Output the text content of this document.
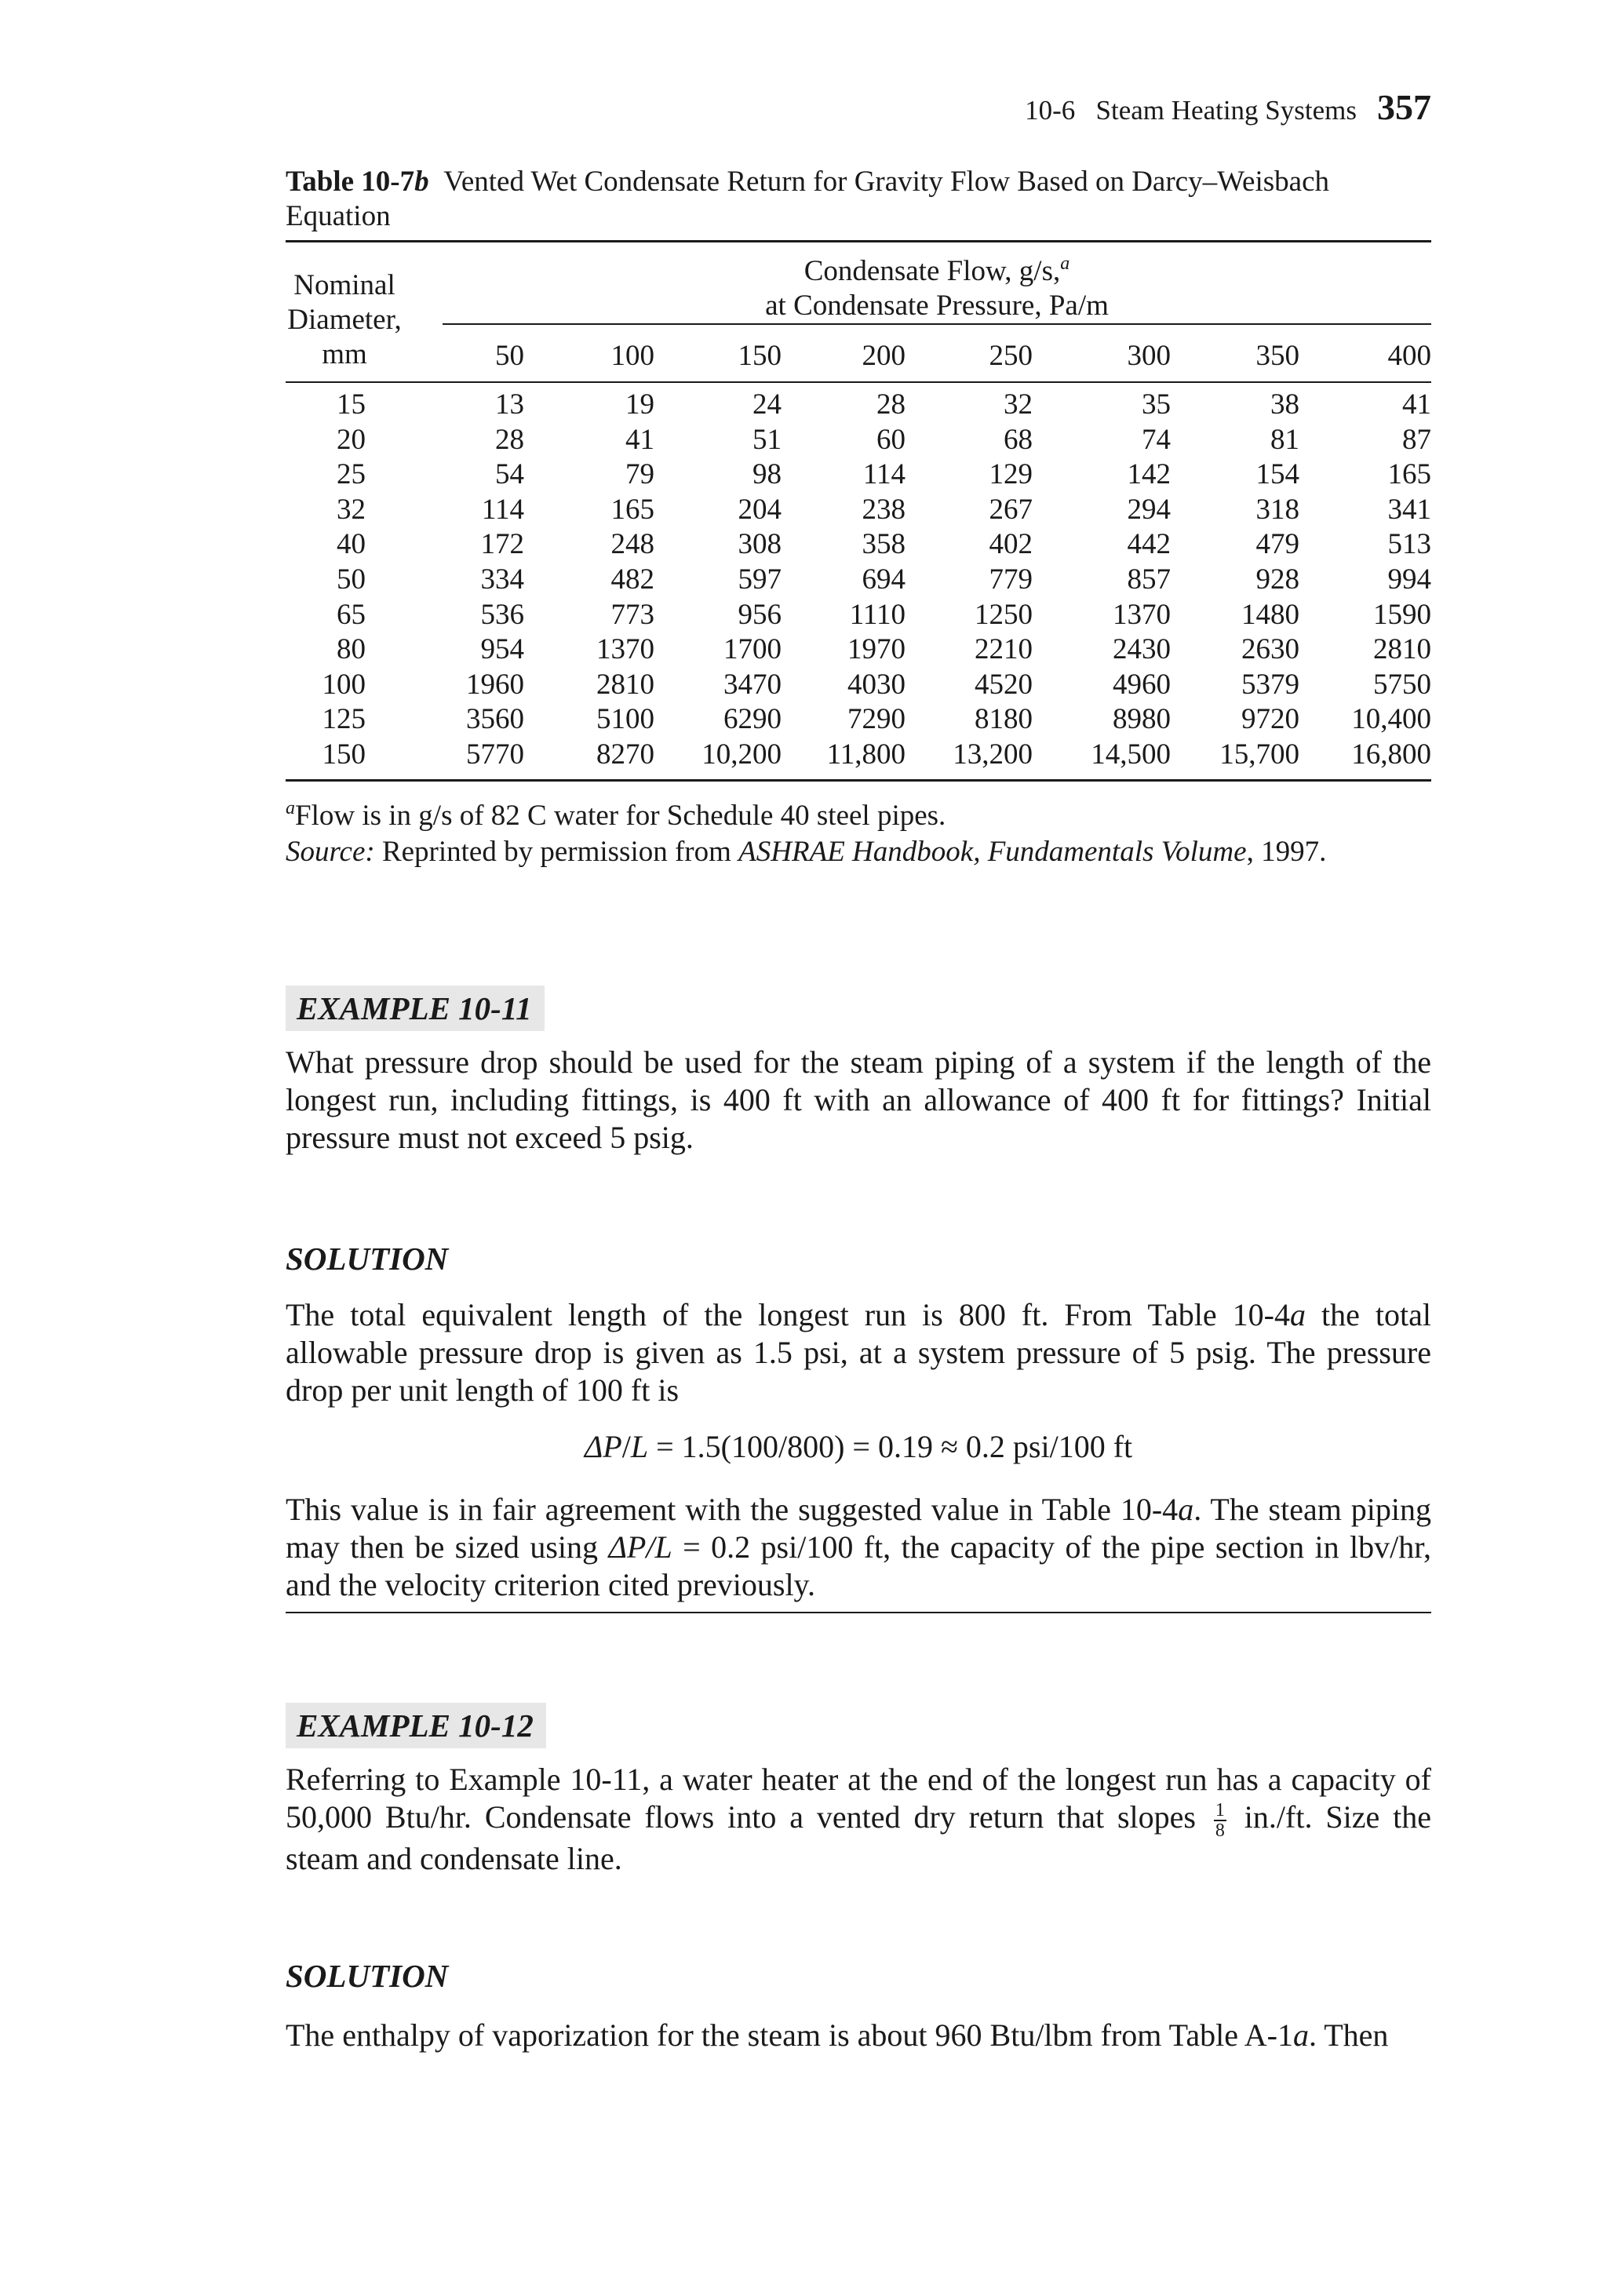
10-6   Steam Heating Systems 357
Table 10-7b Vented Wet Condensate Return for Gravity Flow Based on Darcy–Weisbach Equation
Nominal
Diameter,
mm
Condensate Flow, g/s,$^a$
at Condensate Pressure, Pa/m
50	100	150	200	250	300	350	400
15	13	19	24	28	32	35	38	41
20	28	41	51	60	68	74	81	87
25	54	79	98	114	129	142	154	165
32	114	165	204	238	267	294	318	341
40	172	248	308	358	402	442	479	513
50	334	482	597	694	779	857	928	994
65	536	773	956	1110	1250	1370	1480	1590
80	954	1370	1700	1970	2210	2430	2630	2810
100	1960	2810	3470	4030	4520	4960	5379	5750
125	3560	5100	6290	7290	8180	8980	9720	10,400
150	5770	8270	10,200	11,800	13,200	14,500	15,700	16,800
$^a$Flow is in g/s of 82 C water for Schedule 40 steel pipes.
Source: Reprinted by permission from ASHRAE Handbook, Fundamentals Volume, 1997.
EXAMPLE 10-11
What pressure drop should be used for the steam piping of a system if the length of the longest run, including fittings, is 400 ft with an allowance of 400 ft for fittings? Initial pressure must not exceed 5 psig.
SOLUTION
The total equivalent length of the longest run is 800 ft. From Table 10-4a the total allowable pressure drop is given as 1.5 psi, at a system pressure of 5 psig. The pressure drop per unit length of 100 ft is
ΔP/L = 1.5(100/800) = 0.19 ≈ 0.2 psi/100 ft
This value is in fair agreement with the suggested value in Table 10-4a. The steam piping may then be sized using ΔP/L = 0.2 psi/100 ft, the capacity of the pipe section in lbv/hr, and the velocity criterion cited previously.
EXAMPLE 10-12
Referring to Example 10-11, a water heater at the end of the longest run has a capacity of 50,000 Btu/hr. Condensate flows into a vented dry return that slopes $\frac{1}{8} in./ft$. Size the steam and condensate line.
SOLUTION
The enthalpy of vaporization for the steam is about 960 Btu/lbm from Table A-1a. Then
